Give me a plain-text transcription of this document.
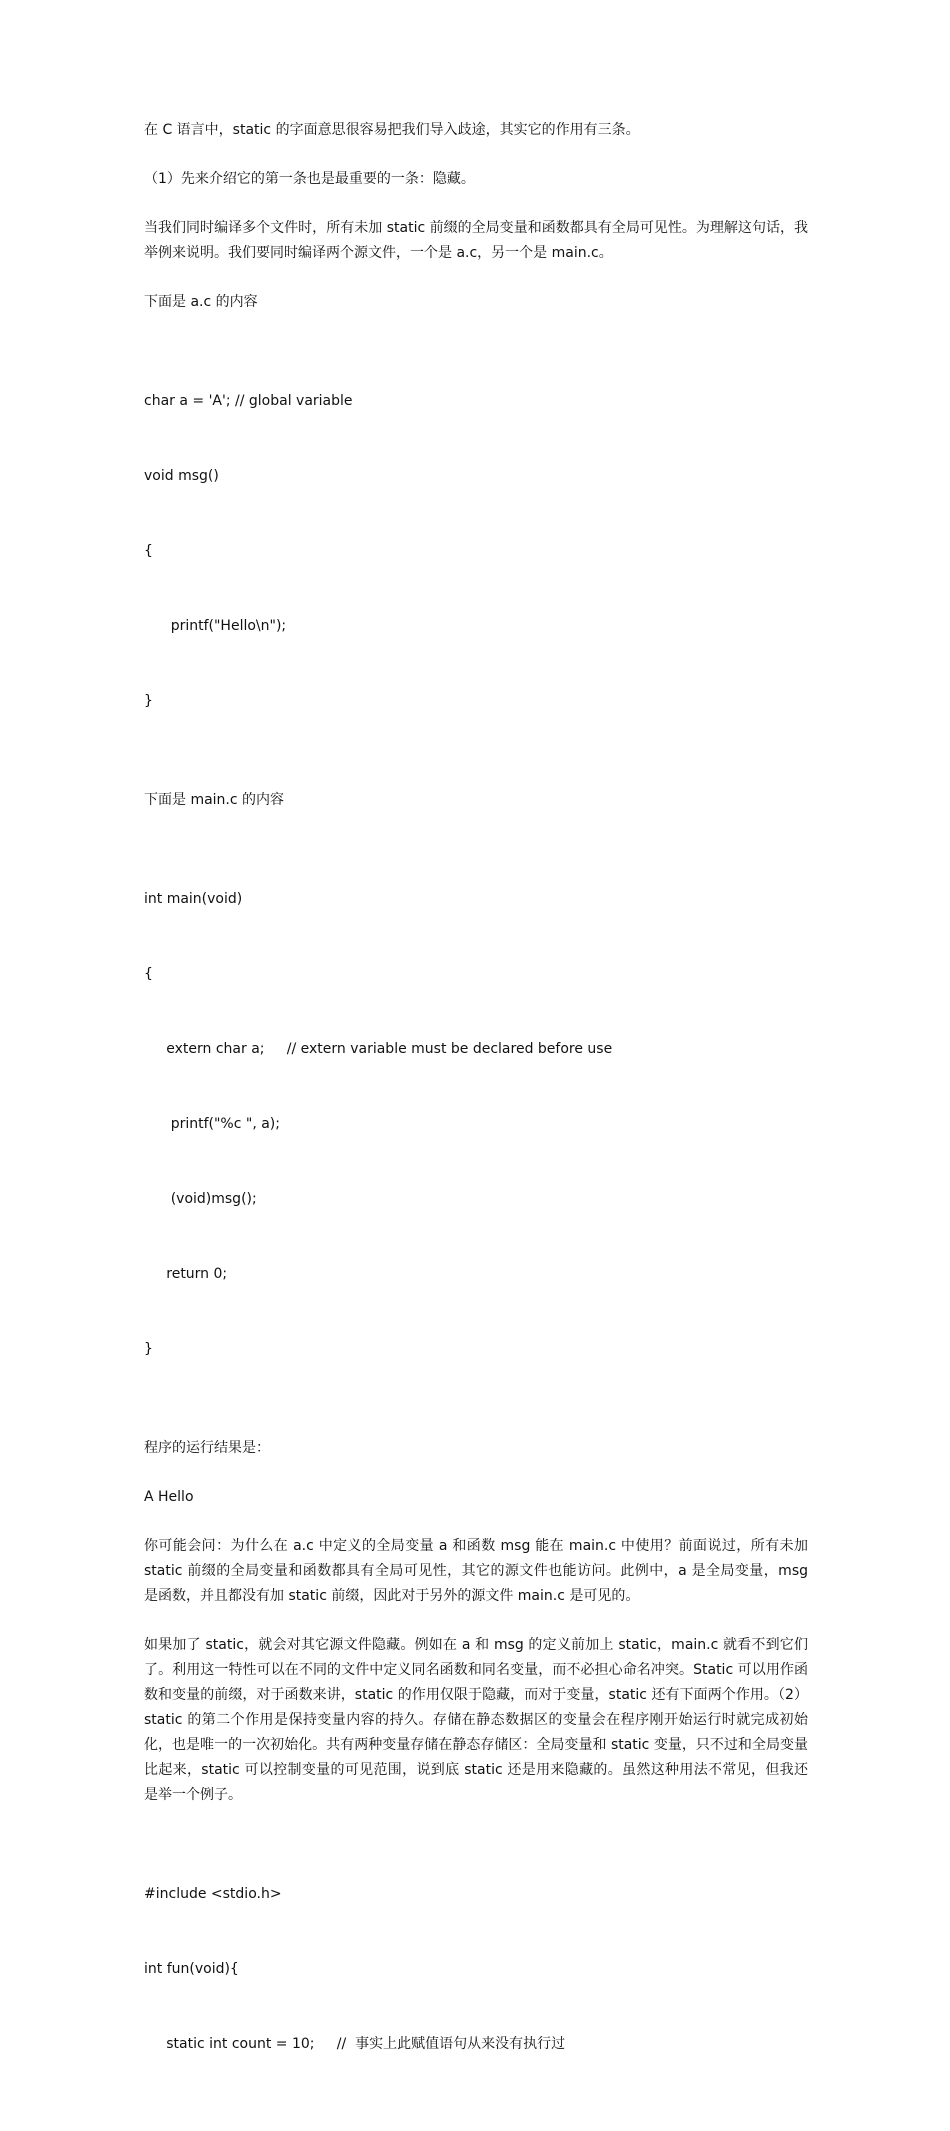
在 C 语言中，static 的字面意思很容易把我们导入歧途，其实它的作用有三条。

（1）先来介绍它的第一条也是最重要的一条：隐藏。

当我们同时编译多个文件时，所有未加 static 前缀的全局变量和函数都具有全局可见性。为理解这句话，我举例来说明。我们要同时编译两个源文件，一个是 a.c，另一个是 main.c。

下面是 a.c 的内容

char a = 'A'; // global variable

void msg()

{

printf("Hello\n");

}

下面是 main.c 的内容

int main(void)

{

extern char a;     // extern variable must be declared before use

printf("%c ", a);

(void)msg();

return 0;

}

程序的运行结果是：

A Hello

你可能会问：为什么在 a.c 中定义的全局变量 a 和函数 msg 能在 main.c 中使用？前面说过，所有未加 static 前缀的全局变量和函数都具有全局可见性，其它的源文件也能访问。此例中，a 是全局变量，msg 是函数，并且都没有加 static 前缀，因此对于另外的源文件 main.c 是可见的。

如果加了 static，就会对其它源文件隐藏。例如在 a 和 msg 的定义前加上 static，main.c 就看不到它们了。利用这一特性可以在不同的文件中定义同名函数和同名变量，而不必担心命名冲突。Static 可以用作函数和变量的前缀，对于函数来讲，static 的作用仅限于隐藏，而对于变量，static 还有下面两个作用。（2）static 的第二个作用是保持变量内容的持久。存储在静态数据区的变量会在程序刚开始运行时就完成初始化，也是唯一的一次初始化。共有两种变量存储在静态存储区：全局变量和 static 变量，只不过和全局变量比起来，static 可以控制变量的可见范围，说到底 static 还是用来隐藏的。虽然这种用法不常见，但我还是举一个例子。

#include <stdio.h>

int fun(void){

static int count = 10;     //  事实上此赋值语句从来没有执行过
